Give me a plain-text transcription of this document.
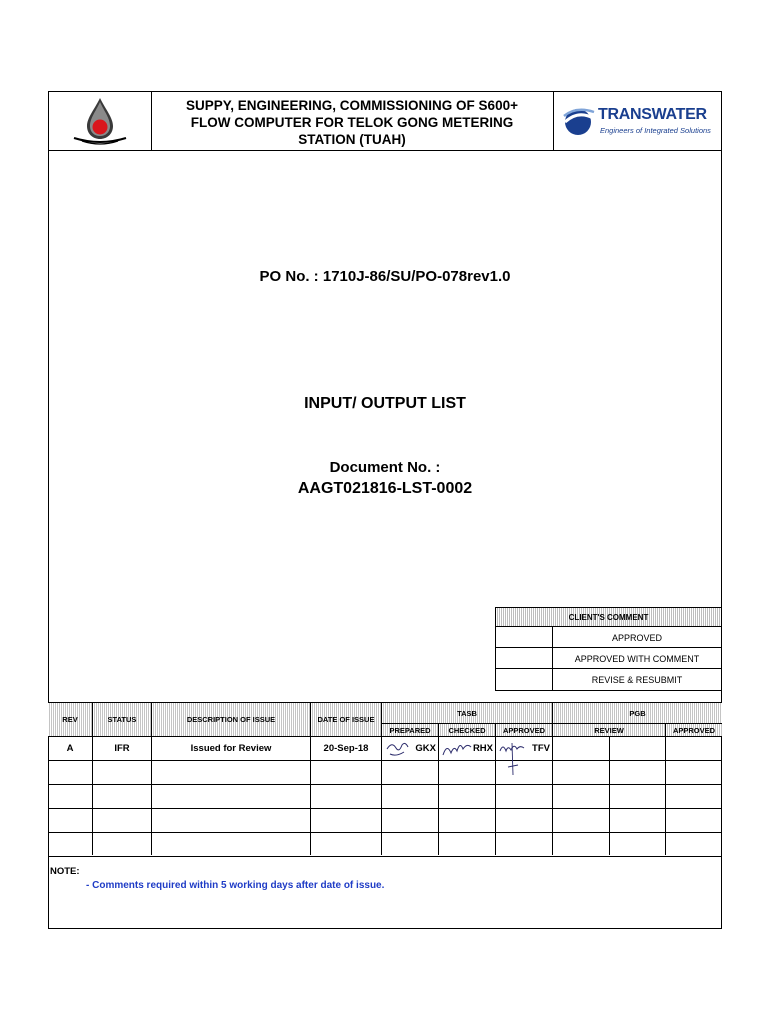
SUPPY, ENGINEERING, COMMISSIONING OF S600+
FLOW COMPUTER FOR TELOK GONG METERING
STATION (TUAH)
TRANSWATER
Engineers of Integrated Solutions
PO No. : 1710J-86/SU/PO-078rev1.0
INPUT/ OUTPUT LIST
Document No. :
AAGT021816-LST-0002
CLIENT'S COMMENT
APPROVED
APPROVED WITH COMMENT
REVISE & RESUBMIT
REV	STATUS	DESCRIPTION OF ISSUE	DATE OF ISSUE
TASB	PGB
PREPARED	CHECKED	APPROVED	REVIEW	APPROVED
A	IFR	Issued for Review	20-Sep-18	GKX	RHX	TFV
NOTE:
- Comments required within 5 working days after date of issue.
